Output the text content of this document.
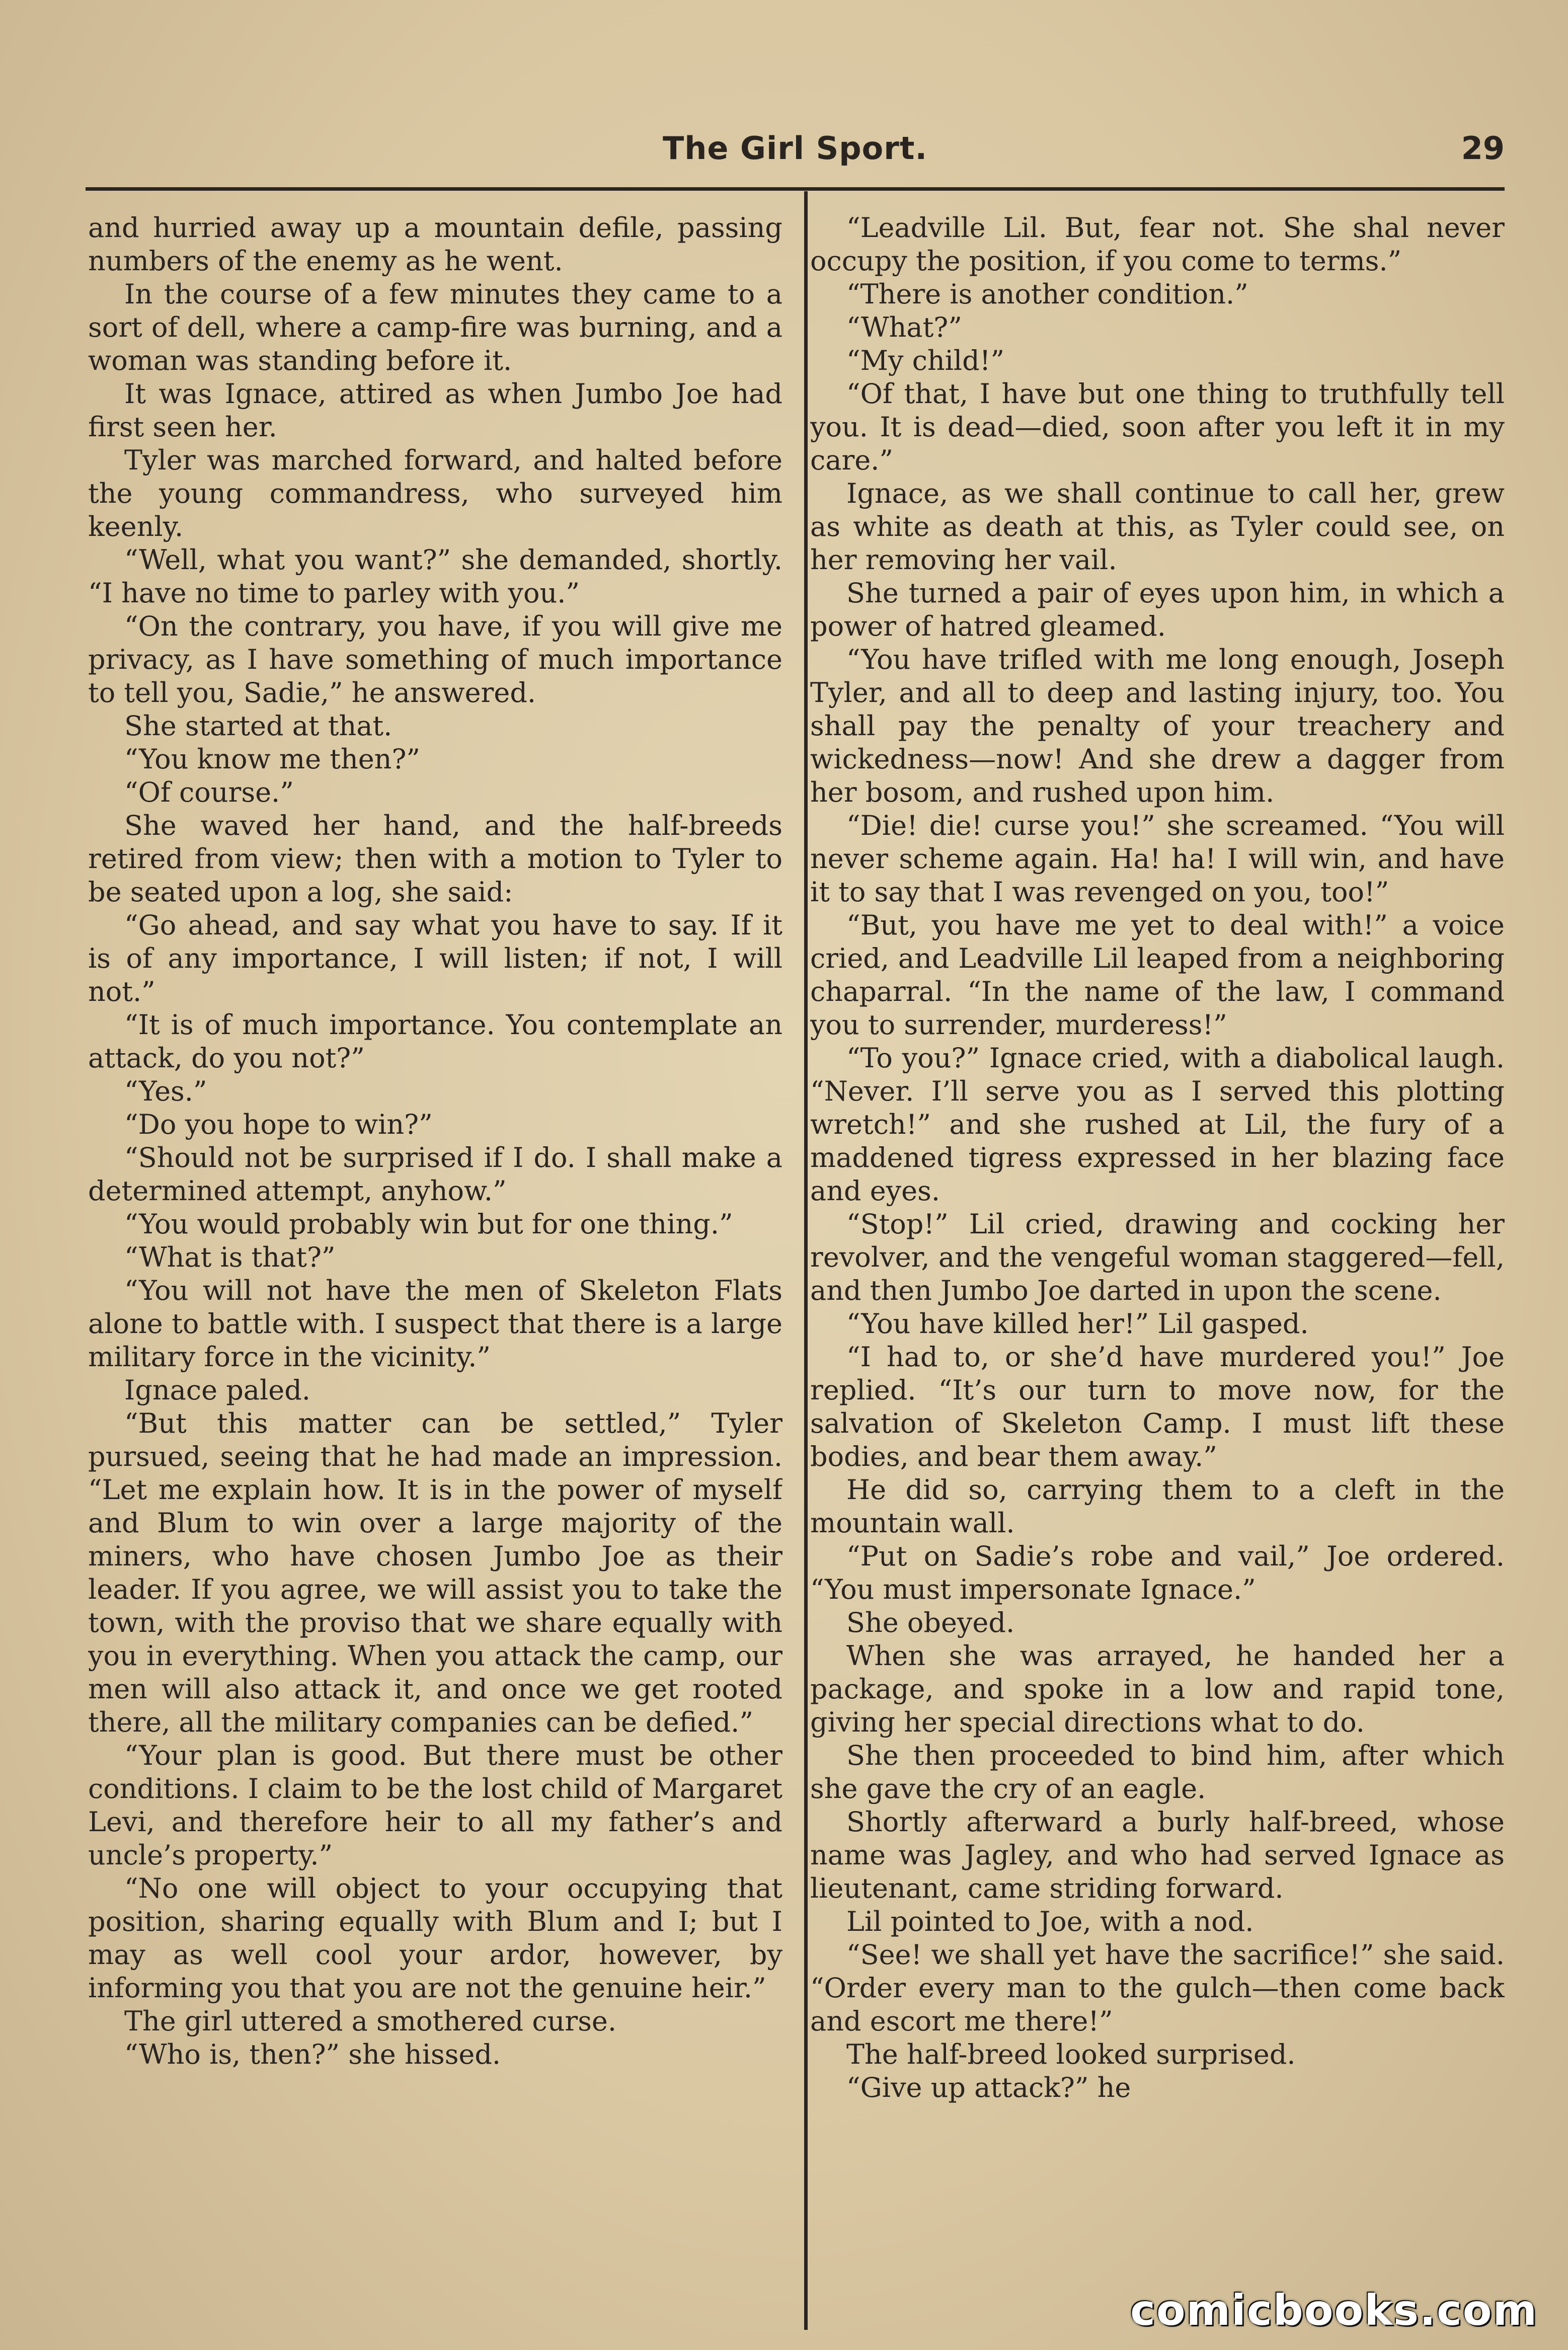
The Girl Sport.	29

and hurried away up a mountain defile, passing numbers of the enemy as he went.

In the course of a few minutes they came to a sort of dell, where a camp-fire was burning, and a woman was standing before it.

It was Ignace, attired as when Jumbo Joe had first seen her.

Tyler was marched forward, and halted before the young commandress, who surveyed him keenly.

“Well, what you want?” she demanded, shortly. “I have no time to parley with you.”

“On the contrary, you have, if you will give me privacy, as I have something of much importance to tell you, Sadie,” he answered.

She started at that.

“You know me then?”

“Of course.”

She waved her hand, and the half-breeds retired from view; then with a motion to Tyler to be seated upon a log, she said:

“Go ahead, and say what you have to say. If it is of any importance, I will listen; if not, I will not.”

“It is of much importance. You contemplate an attack, do you not?”

“Yes.”

“Do you hope to win?”

“Should not be surprised if I do. I shall make a determined attempt, anyhow.”

“You would probably win but for one thing.”

“What is that?”

“You will not have the men of Skeleton Flats alone to battle with. I suspect that there is a large military force in the vicinity.”

Ignace paled.

“But this matter can be settled,” Tyler pursued, seeing that he had made an impression. “Let me explain how. It is in the power of myself and Blum to win over a large majority of the miners, who have chosen Jumbo Joe as their leader. If you agree, we will assist you to take the town, with the proviso that we share equally with you in everything. When you attack the camp, our men will also attack it, and once we get rooted there, all the military companies can be defied.”

“Your plan is good. But there must be other conditions. I claim to be the lost child of Margaret Levi, and therefore heir to all my father’s and uncle’s property.”

“No one will object to your occupying that position, sharing equally with Blum and I; but I may as well cool your ardor, however, by informing you that you are not the genuine heir.”

The girl uttered a smothered curse.

“Who is, then?” she hissed.

“Leadville Lil. But, fear not. She shal never occupy the position, if you come to terms.”

“There is another condition.”

“What?”

“My child!”

“Of that, I have but one thing to truthfully tell you. It is dead—died, soon after you left it in my care.”

Ignace, as we shall continue to call her, grew as white as death at this, as Tyler could see, on her removing her vail.

She turned a pair of eyes upon him, in which a power of hatred gleamed.

“You have trifled with me long enough, Joseph Tyler, and all to deep and lasting injury, too. You shall pay the penalty of your treachery and wickedness—now! And she drew a dagger from her bosom, and rushed upon him.

“Die! die! curse you!” she screamed. “You will never scheme again. Ha! ha! I will win, and have it to say that I was revenged on you, too!”

“But, you have me yet to deal with!” a voice cried, and Leadville Lil leaped from a neighboring chaparral. “In the name of the law, I command you to surrender, murderess!”

“To you?” Ignace cried, with a diabolical laugh. “Never. I’ll serve you as I served this plotting wretch!” and she rushed at Lil, the fury of a maddened tigress expressed in her blazing face and eyes.

“Stop!” Lil cried, drawing and cocking her revolver, and the vengeful woman staggered—fell, and then Jumbo Joe darted in upon the scene.

“You have killed her!” Lil gasped.

“I had to, or she’d have murdered you!” Joe replied. “It’s our turn to move now, for the salvation of Skeleton Camp. I must lift these bodies, and bear them away.”

He did so, carrying them to a cleft in the mountain wall.

“Put on Sadie’s robe and vail,” Joe ordered. “You must impersonate Ignace.”

She obeyed.

When she was arrayed, he handed her a package, and spoke in a low and rapid tone, giving her special directions what to do.

She then proceeded to bind him, after which she gave the cry of an eagle.

Shortly afterward a burly half-breed, whose name was Jagley, and who had served Ignace as lieutenant, came striding forward.

Lil pointed to Joe, with a nod.

“See! we shall yet have the sacrifice!” she said. “Order every man to the gulch—then come back and escort me there!”

The half-breed looked surprised.

“Give up attack?” he

comicbooks.com
